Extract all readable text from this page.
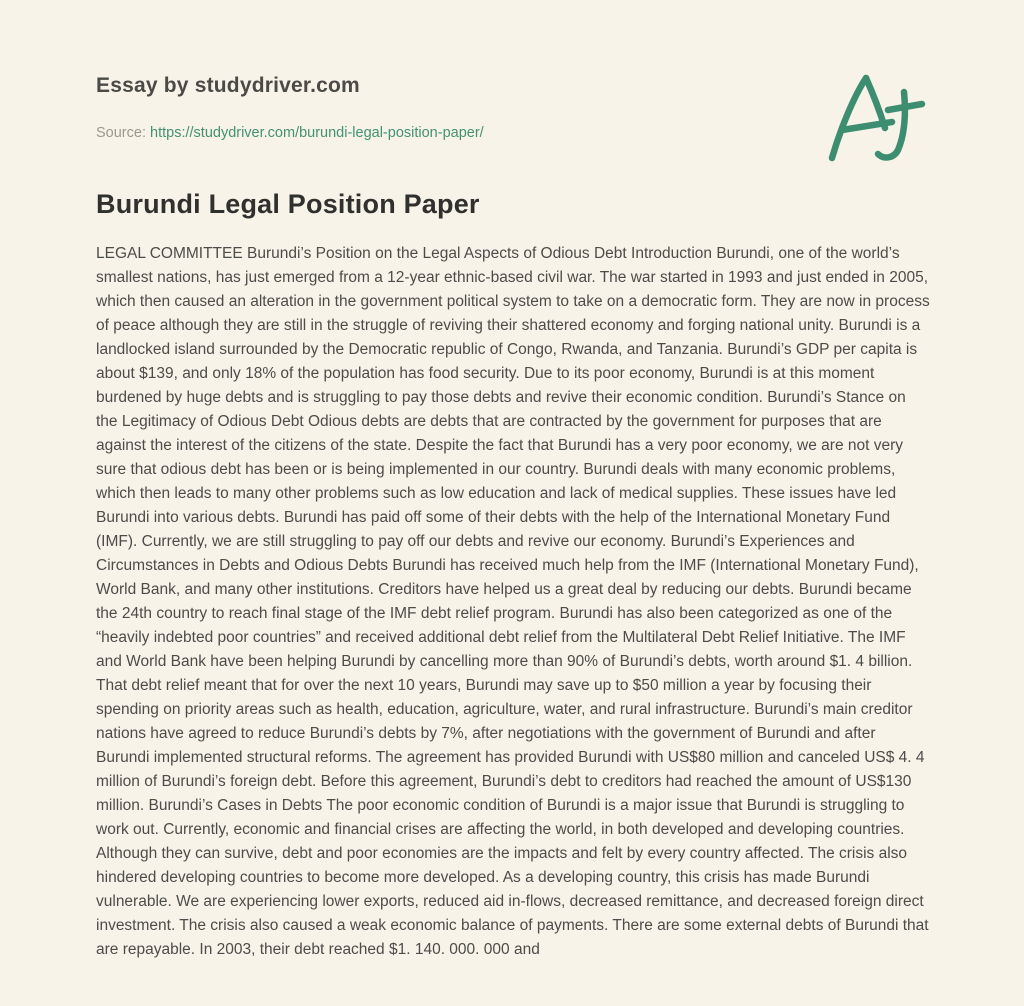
Essay by studydriver.com
Source: https://studydriver.com/burundi-legal-position-paper/
Burundi Legal Position Paper
LEGAL COMMITTEE Burundi’s Position on the Legal Aspects of Odious Debt Introduction Burundi, one of the world’s smallest nations, has just emerged from a 12-year ethnic-based civil war. The war started in 1993 and just ended in 2005, which then caused an alteration in the government political system to take on a democratic form. They are now in process of peace although they are still in the struggle of reviving their shattered economy and forging national unity. Burundi is a landlocked island surrounded by the Democratic republic of Congo, Rwanda, and Tanzania. Burundi’s GDP per capita is about $139, and only 18% of the population has food security. Due to its poor economy, Burundi is at this moment burdened by huge debts and is struggling to pay those debts and revive their economic condition. Burundi’s Stance on the Legitimacy of Odious Debt Odious debts are debts that are contracted by the government for purposes that are against the interest of the citizens of the state. Despite the fact that Burundi has a very poor economy, we are not very sure that odious debt has been or is being implemented in our country. Burundi deals with many economic problems, which then leads to many other problems such as low education and lack of medical supplies. These issues have led Burundi into various debts. Burundi has paid off some of their debts with the help of the International Monetary Fund (IMF). Currently, we are still struggling to pay off our debts and revive our economy. Burundi’s Experiences and Circumstances in Debts and Odious Debts Burundi has received much help from the IMF (International Monetary Fund), World Bank, and many other institutions. Creditors have helped us a great deal by reducing our debts. Burundi became the 24th country to reach final stage of the IMF debt relief program. Burundi has also been categorized as one of the “heavily indebted poor countries” and received additional debt relief from the Multilateral Debt Relief Initiative. The IMF and World Bank have been helping Burundi by cancelling more than 90% of Burundi’s debts, worth around $1. 4 billion. That debt relief meant that for over the next 10 years, Burundi may save up to $50 million a year by focusing their spending on priority areas such as health, education, agriculture, water, and rural infrastructure. Burundi’s main creditor nations have agreed to reduce Burundi’s debts by 7%, after negotiations with the government of Burundi and after Burundi implemented structural reforms. The agreement has provided Burundi with US$80 million and canceled US$ 4. 4 million of Burundi’s foreign debt. Before this agreement, Burundi’s debt to creditors had reached the amount of US$130 million. Burundi’s Cases in Debts The poor economic condition of Burundi is a major issue that Burundi is struggling to work out. Currently, economic and financial crises are affecting the world, in both developed and developing countries. Although they can survive, debt and poor economies are the impacts and felt by every country affected. The crisis also hindered developing countries to become more developed. As a developing country, this crisis has made Burundi vulnerable. We are experiencing lower exports, reduced aid in-flows, decreased remittance, and decreased foreign direct investment. The crisis also caused a weak economic balance of payments. There are some external debts of Burundi that are repayable. In 2003, their debt reached $1. 140. 000. 000 and
